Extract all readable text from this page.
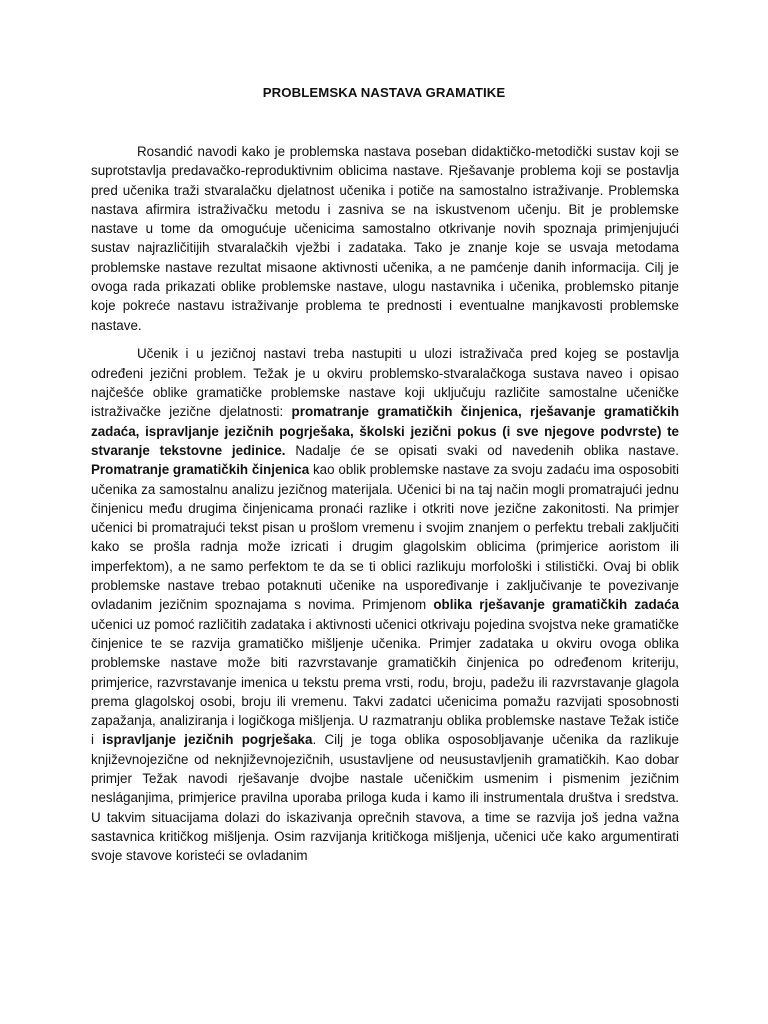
PROBLEMSKA NASTAVA GRAMATIKE

Rosandić navodi kako je problemska nastava poseban didaktičko-metodički sustav koji se suprotstavlja predavačko-reproduktivnim oblicima nastave. Rješavanje problema koji se postavlja pred učenika traži stvaralačku djelatnost učenika i potiče na samostalno istraživanje. Problemska nastava afirmira istraživačku metodu i zasniva se na iskustvenom učenju. Bit je problemske nastave u tome da omogućuje učenicima samostalno otkrivanje novih spoznaja primjenjujući sustav najrazličitijih stvaralačkih vježbi i zadataka. Tako je znanje koje se usvaja metodama problemske nastave rezultat misaone aktivnosti učenika, a ne pamćenje danih informacija. Cilj je ovoga rada prikazati oblike problemske nastave, ulogu nastavnika i učenika, problemsko pitanje koje pokreće nastavu istraživanje problema te prednosti i eventualne manjkavosti problemske nastave.

Učenik i u jezičnoj nastavi treba nastupiti u ulozi istraživača pred kojeg se postavlja određeni jezični problem. Težak je u okviru problemsko-stvaralačkoga sustava naveo i opisao najčešće oblike gramatičke problemske nastave koji uključuju različite samostalne učeničke istraživačke jezične djelatnosti: promatranje gramatičkih činjenica, rješavanje gramatičkih zadaća, ispravljanje jezičnih pogrješaka, školski jezični pokus (i sve njegove podvrste) te stvaranje tekstovne jedinice. Nadalje će se opisati svaki od navedenih oblika nastave. Promatranje gramatičkih činjenica kao oblik problemske nastave za svoju zadaću ima osposobiti učenika za samostalnu analizu jezičnog materijala. Učenici bi na taj način mogli promatrajući jednu činjenicu među drugima činjenicama pronaći razlike i otkriti nove jezične zakonitosti. Na primjer učenici bi promatrajući tekst pisan u prošlom vremenu i svojim znanjem o perfektu trebali zaključiti kako se prošla radnja može izricati i drugim glagolskim oblicima (primjerice aoristom ili imperfektom), a ne samo perfektom te da se ti oblici razlikuju morfološki i stilistički. Ovaj bi oblik problemske nastave trebao potaknuti učenike na uspoređivanje i zaključivanje te povezivanje ovladanim jezičnim spoznajama s novima. Primjenom oblika rješavanje gramatičkih zadaća učenici uz pomoć različitih zadataka i aktivnosti učenici otkrivaju pojedina svojstva neke gramatičke činjenice te se razvija gramatičko mišljenje učenika. Primjer zadataka u okviru ovoga oblika problemske nastave može biti razvrstavanje gramatičkih činjenica po određenom kriteriju, primjerice, razvrstavanje imenica u tekstu prema vrsti, rodu, broju, padežu ili razvrstavanje glagola prema glagolskoj osobi, broju ili vremenu. Takvi zadatci učenicima pomažu razvijati sposobnosti zapažanja, analiziranja i logičkoga mišljenja. U razmatranju oblika problemske nastave Težak ističe i ispravljanje jezičnih pogrješaka. Cilj je toga oblika osposobljavanje učenika da razlikuje književnojezične od neknjiževnojezičnih, usustavljene od neusustavljenih gramatičkih. Kao dobar primjer Težak navodi rješavanje dvojbe nastale učeničkim usmenim i pismenim jezičnim nesláganjima, primjerice pravilna uporaba priloga kuda i kamo ili instrumentala društva i sredstva. U takvim situacijama dolazi do iskazivanja oprečnih stavova, a time se razvija još jedna važna sastavnica kritičkog mišljenja. Osim razvijanja kritičkoga mišljenja, učenici uče kako argumentirati svoje stavove koristeći se ovladanim
